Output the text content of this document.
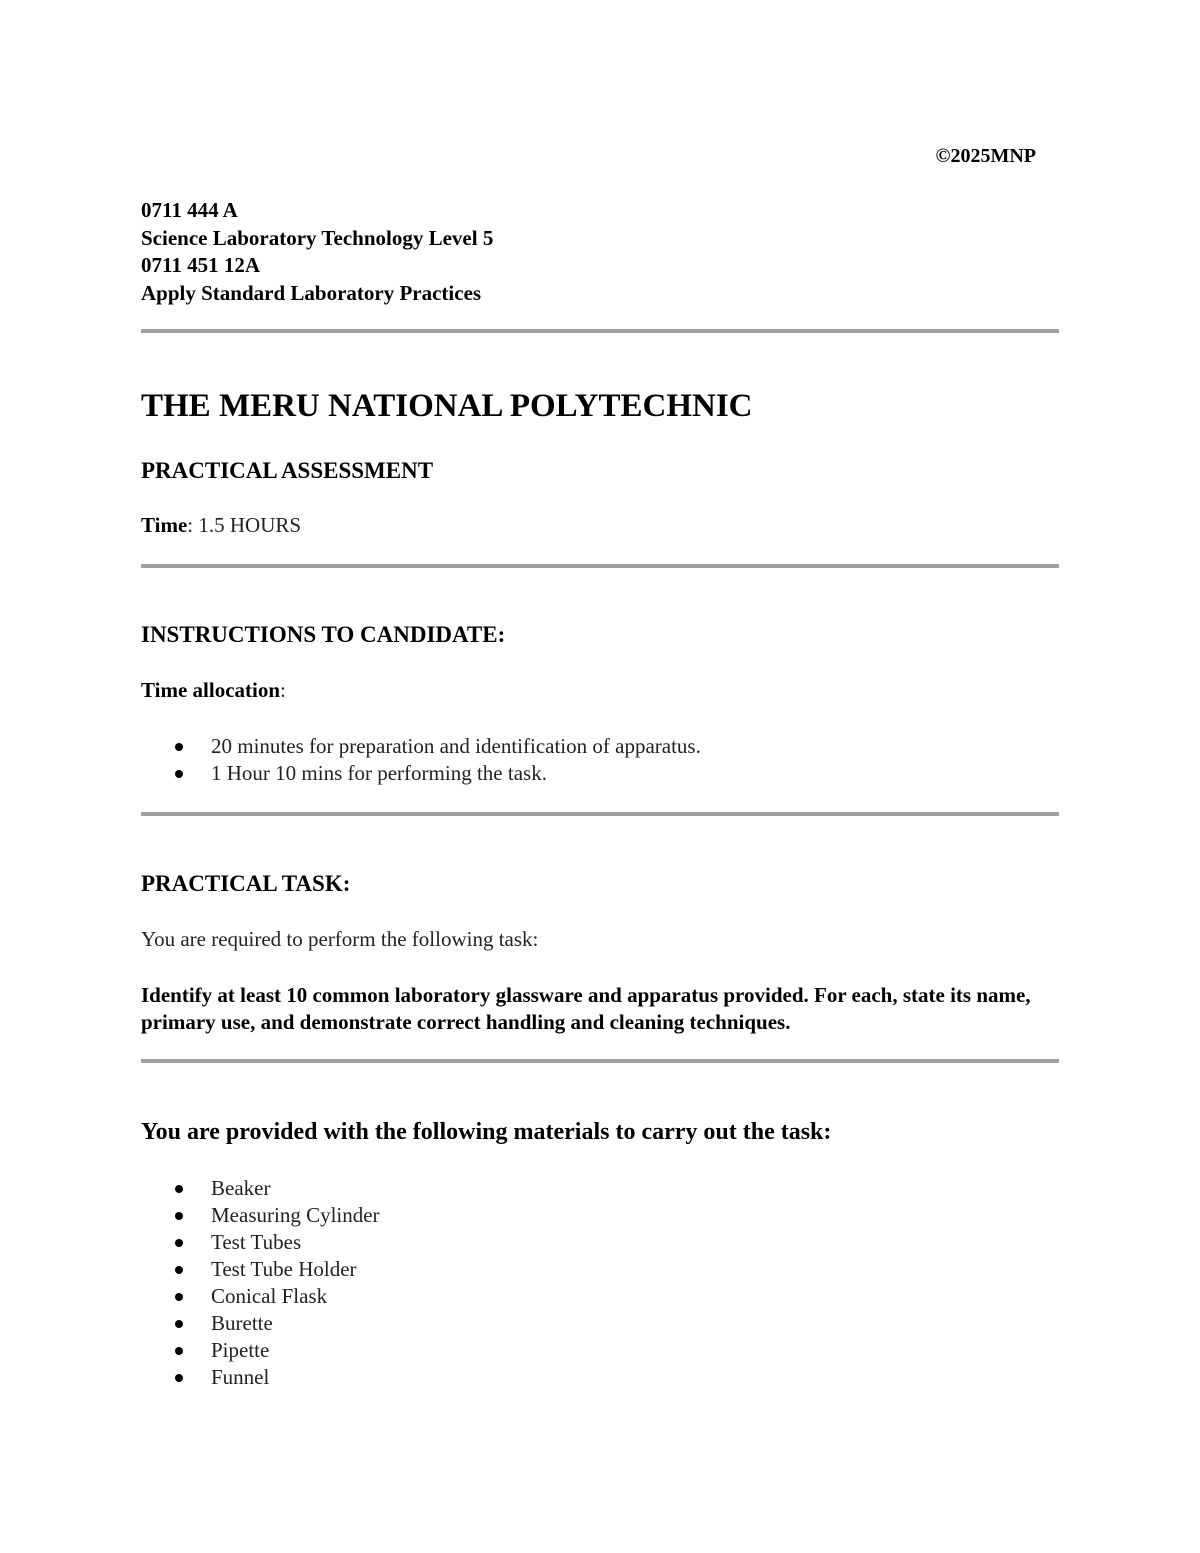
©2025MNP
0711 444 A
Science Laboratory Technology Level 5
0711 451 12A
Apply Standard Laboratory Practices
THE MERU NATIONAL POLYTECHNIC
PRACTICAL ASSESSMENT
Time: 1.5 HOURS
INSTRUCTIONS TO CANDIDATE:
Time allocation:
20 minutes for preparation and identification of apparatus.
1 Hour 10 mins for performing the task.
PRACTICAL TASK:
You are required to perform the following task:
Identify at least 10 common laboratory glassware and apparatus provided. For each, state its name, primary use, and demonstrate correct handling and cleaning techniques.
You are provided with the following materials to carry out the task:
Beaker
Measuring Cylinder
Test Tubes
Test Tube Holder
Conical Flask
Burette
Pipette
Funnel
